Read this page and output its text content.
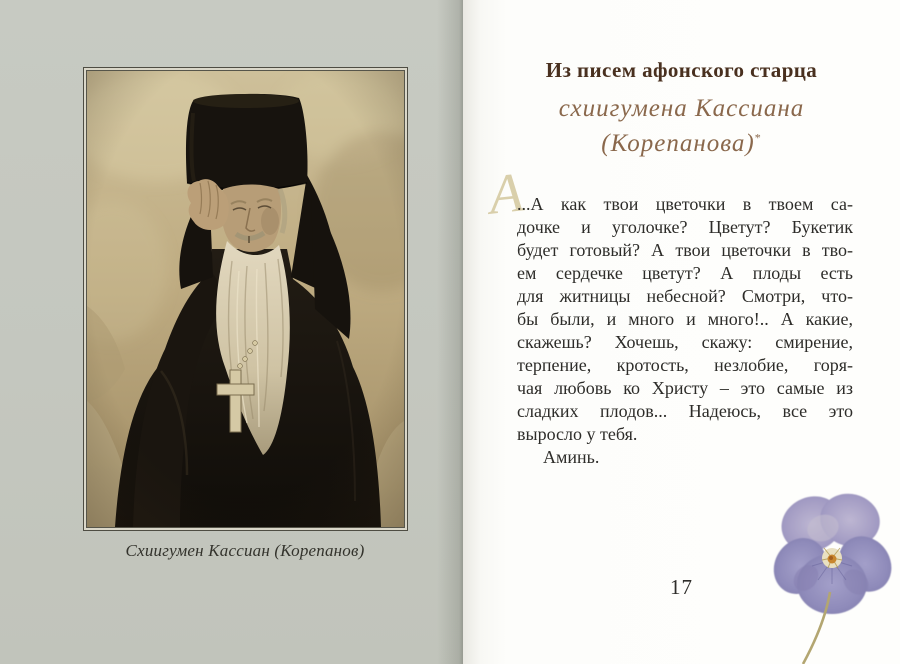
Схиигумен Кассиан (Корепанов)
Из писем афонского старца
схиигумена Кассиана
(Корепанова)*
А
...А как твои цветочки в твоем са-
дочке и уголочке? Цветут? Букетик
будет готовый? А твои цветочки в тво-
ем сердечке цветут? А плоды есть
для житницы небесной? Смотри, что-
бы были, и много и много!.. А какие,
скажешь? Хочешь, скажу: смирение,
терпение, кротость, незлобие, горя-
чая любовь ко Христу – это самые из
сладких плодов... Надеюсь, все это
выросло у тебя.
Аминь.
17
